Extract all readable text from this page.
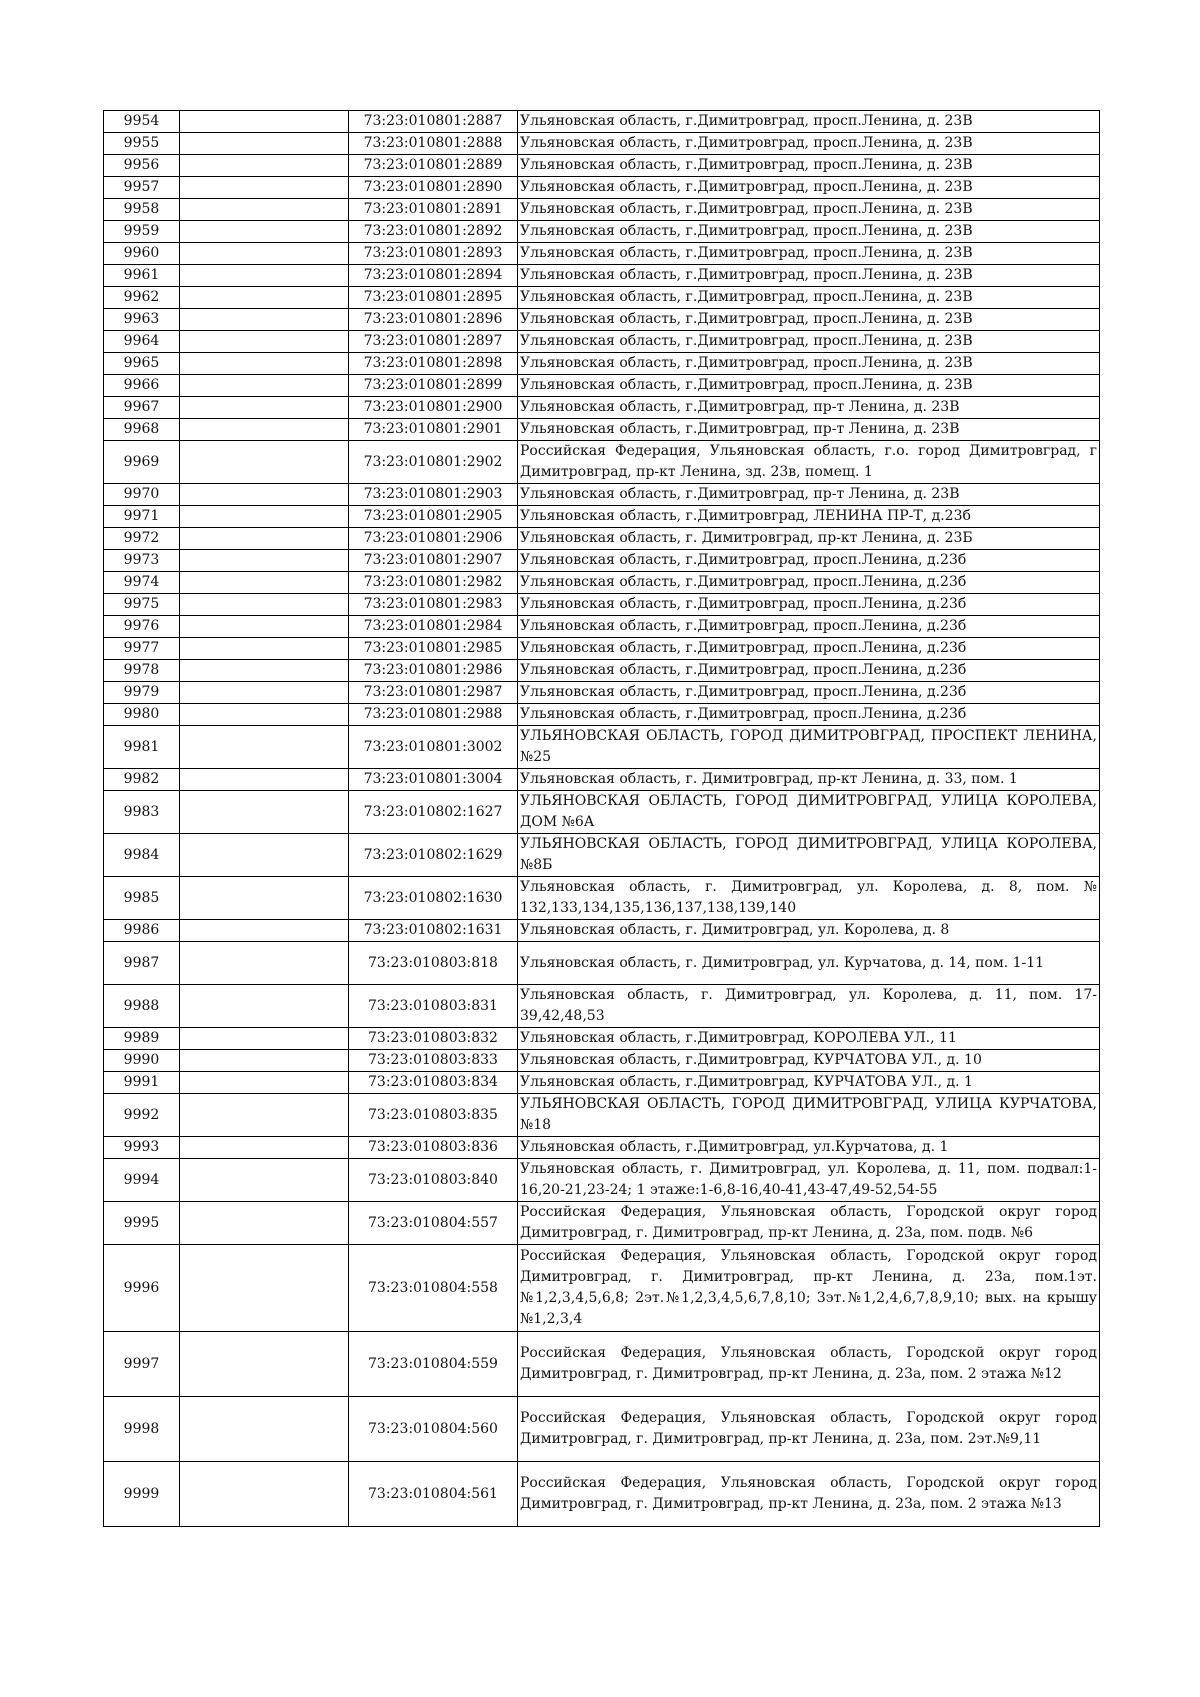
9954		73:23:010801:2887	Ульяновская область, г.Димитровград, просп.Ленина, д. 23В
9955		73:23:010801:2888	Ульяновская область, г.Димитровград, просп.Ленина, д. 23В
9956		73:23:010801:2889	Ульяновская область, г.Димитровград, просп.Ленина, д. 23В
9957		73:23:010801:2890	Ульяновская область, г.Димитровград, просп.Ленина, д. 23В
9958		73:23:010801:2891	Ульяновская область, г.Димитровград, просп.Ленина, д. 23В
9959		73:23:010801:2892	Ульяновская область, г.Димитровград, просп.Ленина, д. 23В
9960		73:23:010801:2893	Ульяновская область, г.Димитровград, просп.Ленина, д. 23В
9961		73:23:010801:2894	Ульяновская область, г.Димитровград, просп.Ленина, д. 23В
9962		73:23:010801:2895	Ульяновская область, г.Димитровград, просп.Ленина, д. 23В
9963		73:23:010801:2896	Ульяновская область, г.Димитровград, просп.Ленина, д. 23В
9964		73:23:010801:2897	Ульяновская область, г.Димитровград, просп.Ленина, д. 23В
9965		73:23:010801:2898	Ульяновская область, г.Димитровград, просп.Ленина, д. 23В
9966		73:23:010801:2899	Ульяновская область, г.Димитровград, просп.Ленина, д. 23В
9967		73:23:010801:2900	Ульяновская область, г.Димитровград, пр-т Ленина, д. 23В
9968		73:23:010801:2901	Ульяновская область, г.Димитровград, пр-т Ленина, д. 23В
9969		73:23:010801:2902	Российская Федерация, Ульяновская область, г.о. город Димитровград, г Димитровград, пр-кт Ленина, зд. 23в, помещ. 1
9970		73:23:010801:2903	Ульяновская область, г.Димитровград, пр-т Ленина, д. 23В
9971		73:23:010801:2905	Ульяновская область, г.Димитровград, ЛЕНИНА ПР-Т, д.23б
9972		73:23:010801:2906	Ульяновская область, г. Димитровград, пр-кт Ленина, д. 23Б
9973		73:23:010801:2907	Ульяновская область, г.Димитровград, просп.Ленина, д.23б
9974		73:23:010801:2982	Ульяновская область, г.Димитровград, просп.Ленина, д.23б
9975		73:23:010801:2983	Ульяновская область, г.Димитровград, просп.Ленина, д.23б
9976		73:23:010801:2984	Ульяновская область, г.Димитровград, просп.Ленина, д.23б
9977		73:23:010801:2985	Ульяновская область, г.Димитровград, просп.Ленина, д.23б
9978		73:23:010801:2986	Ульяновская область, г.Димитровград, просп.Ленина, д.23б
9979		73:23:010801:2987	Ульяновская область, г.Димитровград, просп.Ленина, д.23б
9980		73:23:010801:2988	Ульяновская область, г.Димитровград, просп.Ленина, д.23б
9981		73:23:010801:3002	УЛЬЯНОВСКАЯ ОБЛАСТЬ, ГОРОД ДИМИТРОВГРАД, ПРОСПЕКТ ЛЕНИНА, №25
9982		73:23:010801:3004	Ульяновская область, г. Димитровград, пр-кт Ленина, д. 33, пом. 1
9983		73:23:010802:1627	УЛЬЯНОВСКАЯ ОБЛАСТЬ, ГОРОД ДИМИТРОВГРАД, УЛИЦА КОРОЛЕВА, ДОМ №6А
9984		73:23:010802:1629	УЛЬЯНОВСКАЯ ОБЛАСТЬ, ГОРОД ДИМИТРОВГРАД, УЛИЦА КОРОЛЕВА, №8Б
9985		73:23:010802:1630	Ульяновская область, г. Димитровград, ул. Королева, д. 8, пом. № 132,133,134,135,136,137,138,139,140
9986		73:23:010802:1631	Ульяновская область, г. Димитровград, ул. Королева, д. 8
9987		73:23:010803:818	Ульяновская область, г. Димитровград, ул. Курчатова, д. 14, пом. 1-11
9988		73:23:010803:831	Ульяновская область, г. Димитровград, ул. Королева, д. 11, пом. 17-39,42,48,53
9989		73:23:010803:832	Ульяновская область, г.Димитровград, КОРОЛЕВА УЛ., 11
9990		73:23:010803:833	Ульяновская область, г.Димитровград, КУРЧАТОВА УЛ., д. 10
9991		73:23:010803:834	Ульяновская область, г.Димитровград, КУРЧАТОВА УЛ., д. 1
9992		73:23:010803:835	УЛЬЯНОВСКАЯ ОБЛАСТЬ, ГОРОД ДИМИТРОВГРАД, УЛИЦА КУРЧАТОВА, №18
9993		73:23:010803:836	Ульяновская область, г.Димитровград, ул.Курчатова, д. 1
9994		73:23:010803:840	Ульяновская область, г. Димитровград, ул. Королева, д. 11, пом. подвал:1-16,20-21,23-24; 1 этаже:1-6,8-16,40-41,43-47,49-52,54-55
9995		73:23:010804:557	Российская Федерация, Ульяновская область, Городской округ город Димитровград, г. Димитровград, пр-кт Ленина, д. 23а, пом. подв. №6
9996		73:23:010804:558	Российская Федерация, Ульяновская область, Городской округ город Димитровград, г. Димитровград, пр-кт Ленина, д. 23а, пом.1эт.№1,2,3,4,5,6,8; 2эт.№1,2,3,4,5,6,7,8,10; 3эт.№1,2,4,6,7,8,9,10; вых. на крышу №1,2,3,4
9997		73:23:010804:559	Российская Федерация, Ульяновская область, Городской округ город Димитровград, г. Димитровград, пр-кт Ленина, д. 23а, пом. 2 этажа №12
9998		73:23:010804:560	Российская Федерация, Ульяновская область, Городской округ город Димитровград, г. Димитровград, пр-кт Ленина, д. 23а, пом. 2эт.№9,11
9999		73:23:010804:561	Российская Федерация, Ульяновская область, Городской округ город Димитровград, г. Димитровград, пр-кт Ленина, д. 23а, пом. 2 этажа №13
